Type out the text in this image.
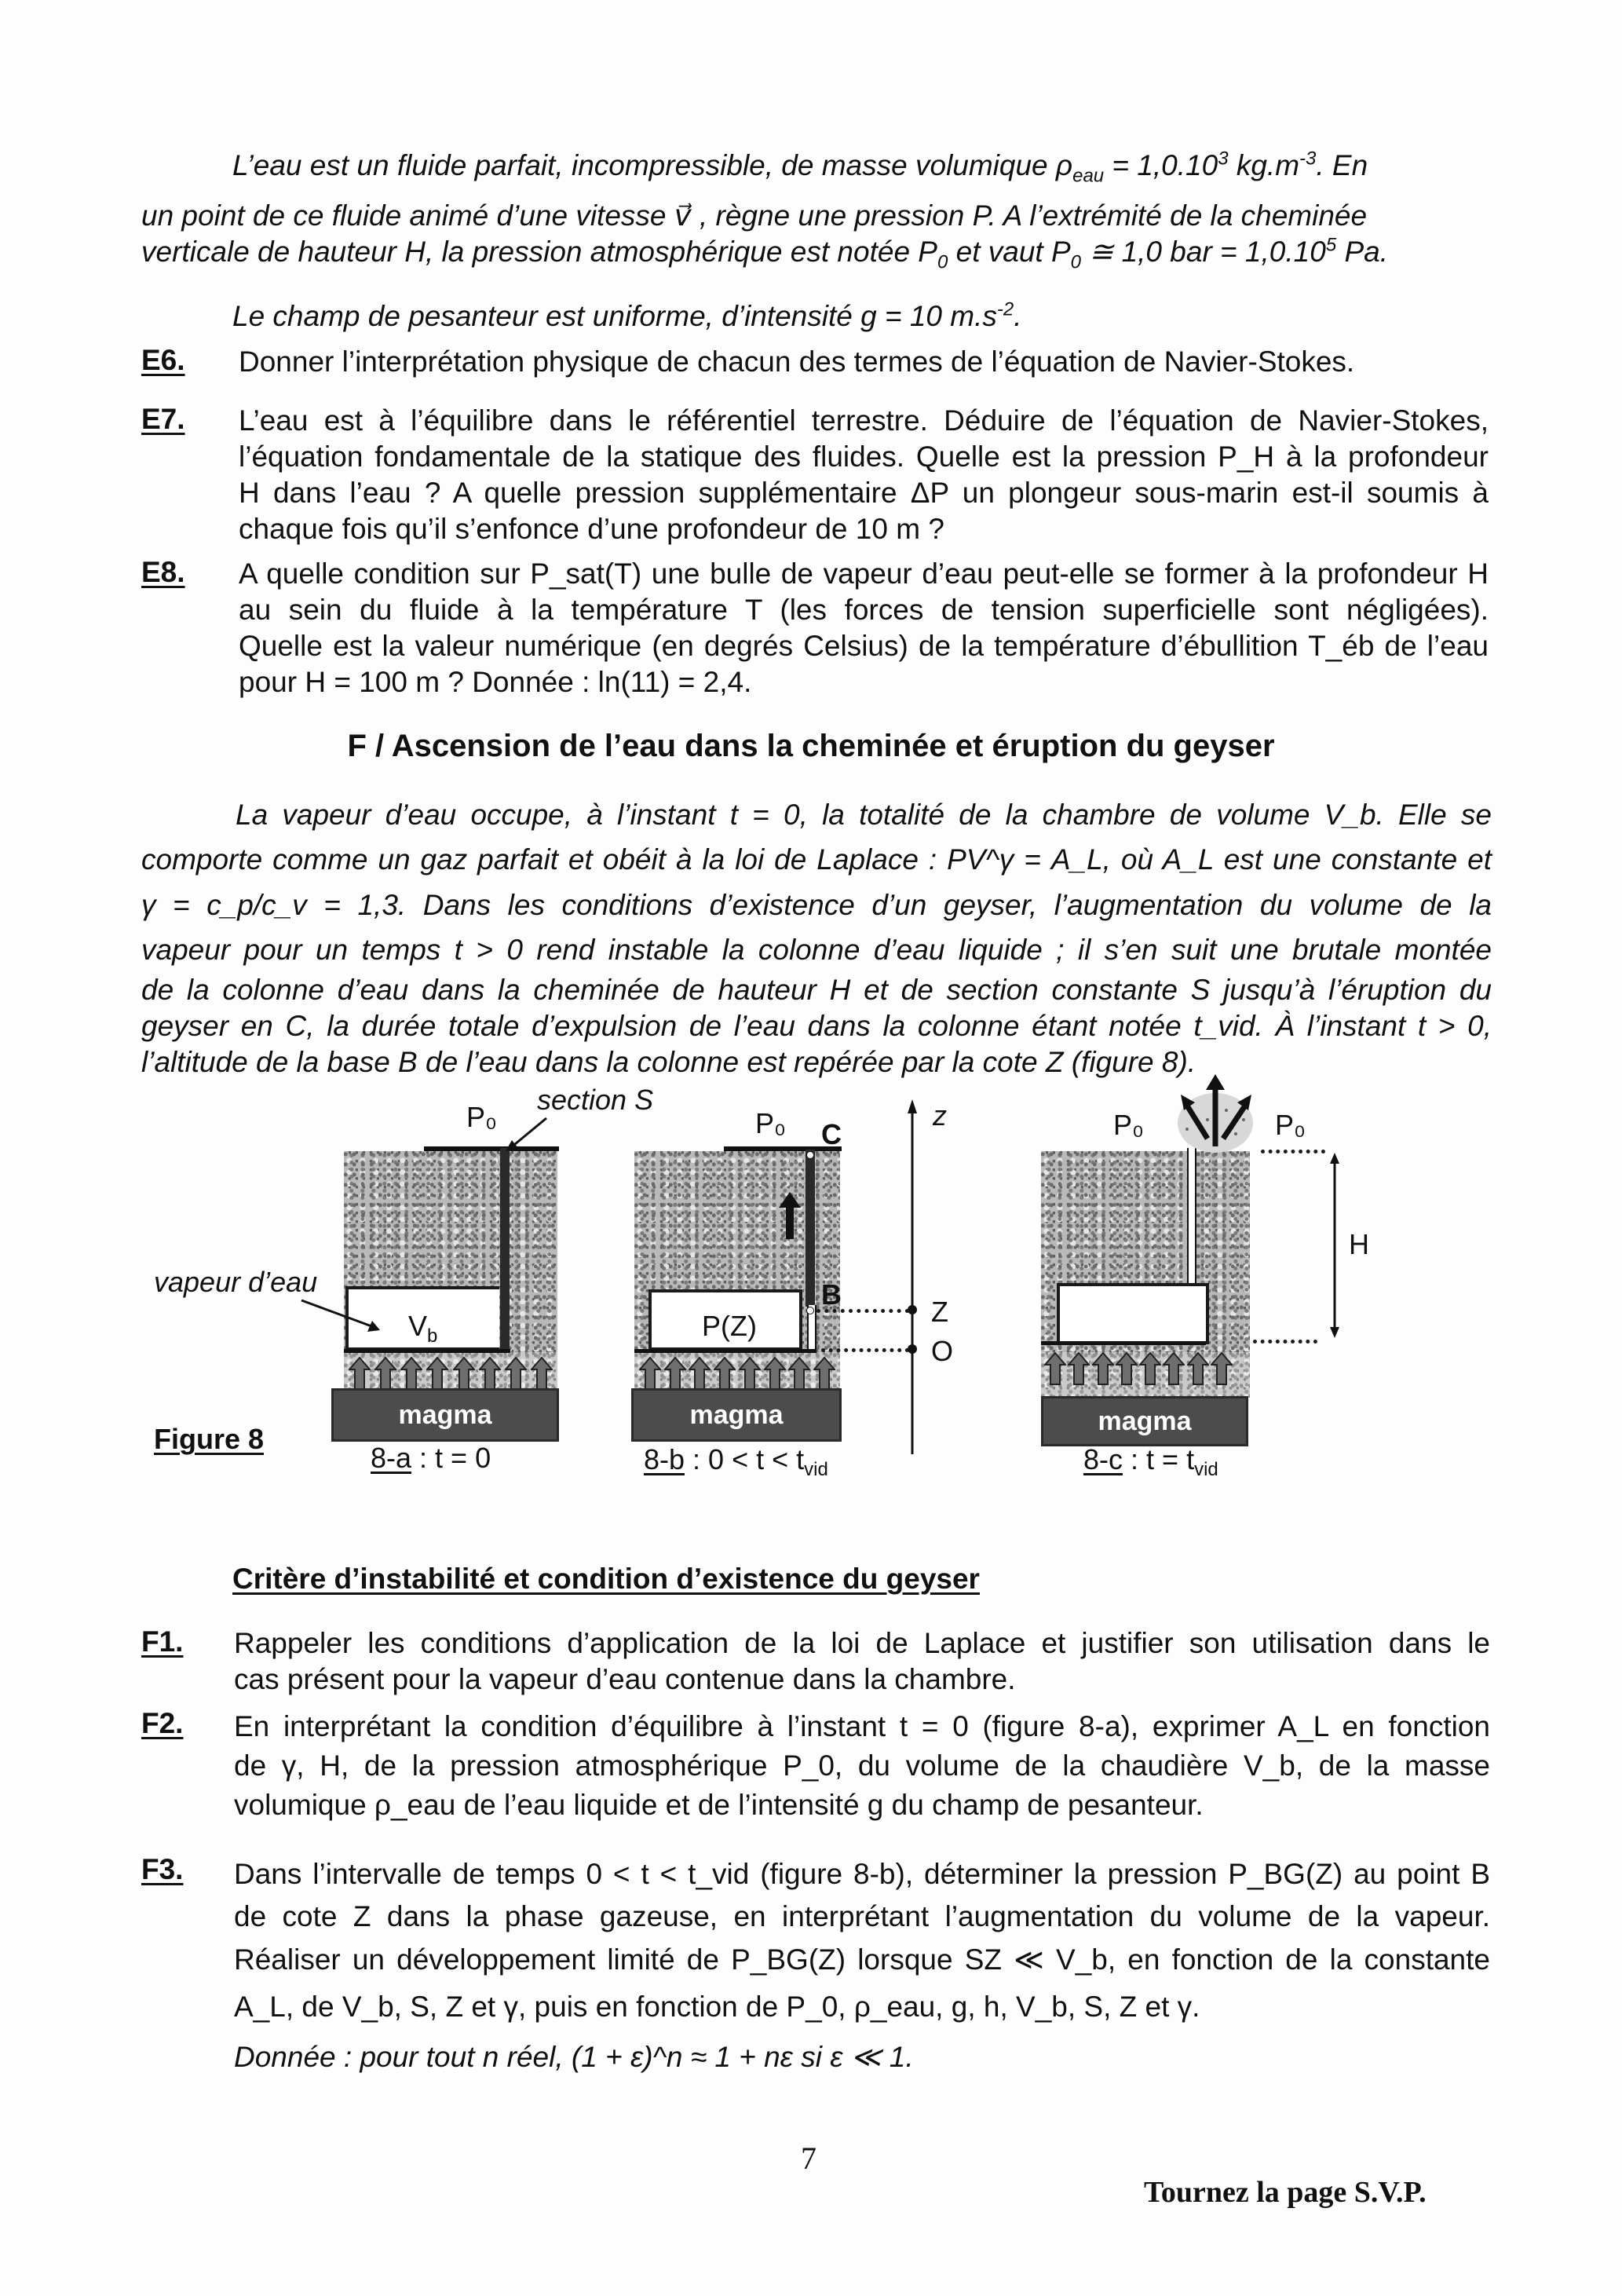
L’eau est un fluide parfait, incompressible, de masse volumique $\rho_{eau} = 1,0.10^3$ $kg.m^{-3}$. En
un point de ce fluide animé d’une vitesse v⃗ , règne une pression P. A l’extrémité de la cheminée
verticale de hauteur H, la pression atmosphérique est notée $P_0$ et vaut $P_0$ ≅ 1,0 bar = $1,0.10^5$ Pa.
Le champ de pesanteur est uniforme, d’intensité g = 10 $m.s^{-2}$.
E6. Donner l’interprétation physique de chacun des termes de l’équation de Navier-Stokes.
E7. L’eau est à l’équilibre dans le référentiel terrestre. Déduire de l’équation de Navier-Stokes,
l’équation fondamentale de la statique des fluides. Quelle est la pression P_H à la profondeur
H dans l’eau ? A quelle pression supplémentaire ΔP un plongeur sous-marin est-il soumis à
chaque fois qu’il s’enfonce d’une profondeur de 10 m ?
E8. A quelle condition sur P_sat(T) une bulle de vapeur d’eau peut-elle se former à la profondeur H
au sein du fluide à la température T (les forces de tension superficielle sont négligées).
Quelle est la valeur numérique (en degrés Celsius) de la température d’ébullition T_éb de l’eau
pour H = 100 m ? Donnée : ln(11) = 2,4.
F / Ascension de l’eau dans la cheminée et éruption du geyser
La vapeur d’eau occupe, à l’instant t = 0, la totalité de la chambre de volume V_b. Elle se
comporte comme un gaz parfait et obéit à la loi de Laplace : PV^γ = A_L, où A_L est une constante et
γ = c_p/c_v = 1,3. Dans les conditions d’existence d’un geyser, l’augmentation du volume de la
vapeur pour un temps t > 0 rend instable la colonne d’eau liquide ; il s’en suit une brutale montée
de la colonne d’eau dans la cheminée de hauteur H et de section constante S jusqu’à l’éruption du
geyser en C, la durée totale d’expulsion de l’eau dans la colonne étant notée t_vid. À l’instant t > 0,
l’altitude de la base B de l’eau dans la colonne est repérée par la cote Z (figure 8).
P₀
section S
vapeur d’eau
$V_b$
magma
Figure 8
8-a : t = 0
P₀ C
B
P(Z)
z
Z
O
magma
8-b : $0 < t < t_{vid}$
P₀	P₀
H
magma
8-c : $t = t_{vid}$
Critère d’instabilité et condition d’existence du geyser
F1. Rappeler les conditions d’application de la loi de Laplace et justifier son utilisation dans le
cas présent pour la vapeur d’eau contenue dans la chambre.
F2. En interprétant la condition d’équilibre à l’instant t = 0 (figure 8-a), exprimer A_L en fonction
de γ, H, de la pression atmosphérique P_0, du volume de la chaudière V_b, de la masse
volumique ρ_eau de l’eau liquide et de l’intensité g du champ de pesanteur.
F3. Dans l’intervalle de temps 0 < t < t_vid (figure 8-b), déterminer la pression P_BG(Z) au point B
de cote Z dans la phase gazeuse, en interprétant l’augmentation du volume de la vapeur.
Réaliser un développement limité de P_BG(Z) lorsque SZ ≪ V_b, en fonction de la constante
A_L, de V_b, S, Z et γ, puis en fonction de P_0, ρ_eau, g, h, V_b, S, Z et γ.
Donnée : pour tout n réel, (1 + ε)^n ≈ 1 + nε si ε ≪ 1.
7
Tournez la page S.V.P.
